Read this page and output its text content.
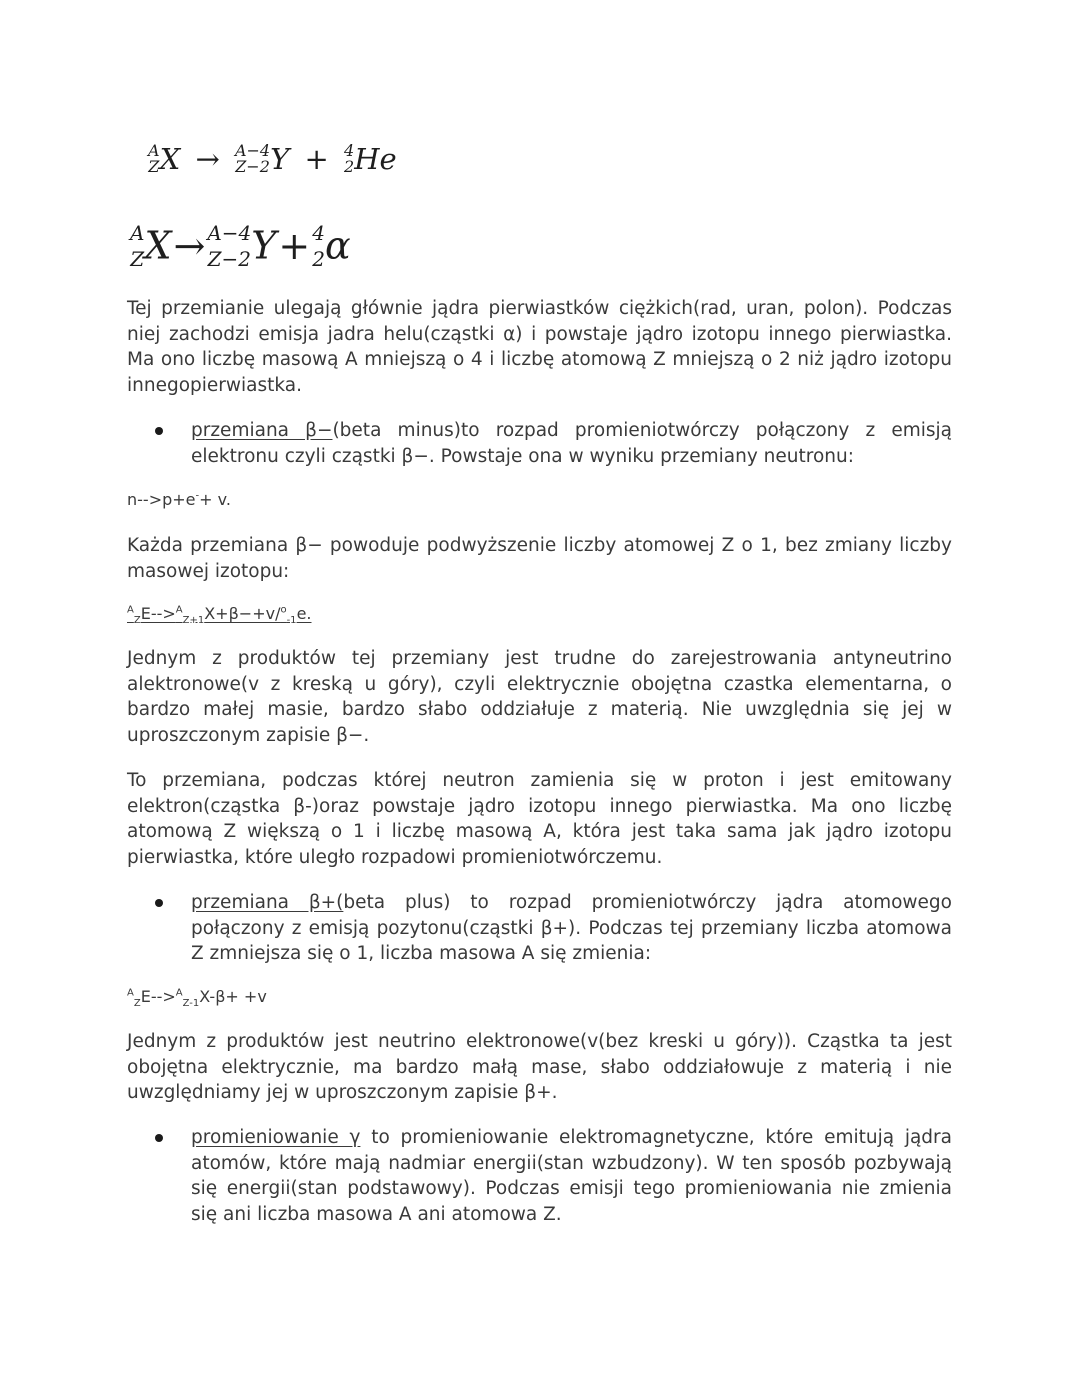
A
Z X → A−4
Z−2 Y + 4
2 He
A
Z X→ A−4
Z−2 Y+ 4
2 α
Tej przemianie ulegają głównie jądra pierwiastków ciężkich(rad, uran, polon). Podczas niej zachodzi emisja jadra helu(cząstki α) i powstaje jądro izotopu innego pierwiastka. Ma ono liczbę masową A mniejszą o 4 i liczbę atomową Z mniejszą o 2 niż jądro izotopu innegopierwiastka.
przemiana β−(beta minus)to rozpad promieniotwórczy połączony z emisją elektronu czyli cząstki β−. Powstaje ona w wyniku przemiany neutronu:
n-->p+e-+ v.
Każda przemiana β− powoduje podwyższenie liczby atomowej Z o 1, bez zmiany liczby masowej izotopu:
$^A_Z$E-->$^A_{Z+1}$X+β−+v/$^o_{-1}$e.
Jednym z produktów tej przemiany jest trudne do zarejestrowania antyneutrino alektronowe(v z kreską u góry), czyli elektrycznie obojętna czastka elementarna, o bardzo małej masie, bardzo słabo oddziałuje z materią. Nie uwzględnia się jej w uproszczonym zapisie β−.
To przemiana, podczas której neutron zamienia się w proton i jest emitowany elektron(cząstka β-)oraz powstaje jądro izotopu innego pierwiastka. Ma ono liczbę atomową Z większą o 1 i liczbę masową A, która jest taka sama jak jądro izotopu pierwiastka, które uległo rozpadowi promieniotwórczemu.
przemiana β+(beta plus) to rozpad promieniotwórczy jądra atomowego połączony z emisją pozytonu(cząstki β+). Podczas tej przemiany liczba atomowa Z zmniejsza się o 1, liczba masowa A się zmienia:
$^A_Z$E-->$^A_{Z-1}$X-β+ +v
Jednym z produktów jest neutrino elektronowe(v(bez kreski u góry)). Cząstka ta jest obojętna elektrycznie, ma bardzo małą mase, słabo oddziałowuje z materią i nie uwzględniamy jej w uproszczonym zapisie β+.
promieniowanie γ to promieniowanie elektromagnetyczne, które emitują jądra atomów, które mają nadmiar energii(stan wzbudzony). W ten sposób pozbywają się energii(stan podstawowy). Podczas emisji tego promieniowania nie zmienia się ani liczba masowa A ani atomowa Z.
